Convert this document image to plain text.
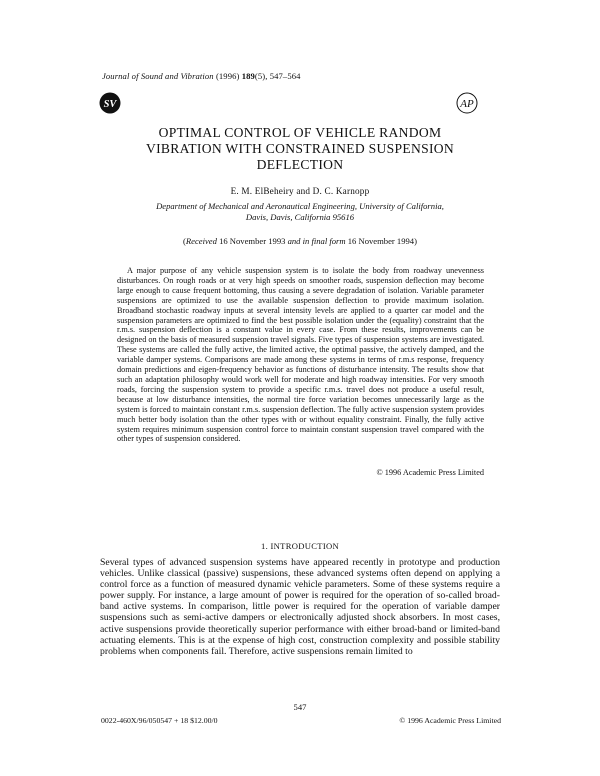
Journal of Sound and Vibration (1996) 189(5), 547–564
SV	AP
OPTIMAL CONTROL OF VEHICLE RANDOM
VIBRATION WITH CONSTRAINED SUSPENSION
DEFLECTION
E. M. ElBeheiry and D. C. Karnopp
Department of Mechanical and Aeronautical Engineering, University of California,
Davis, Davis, California 95616
(Received 16 November 1993 and in final form 16 November 1994)

A major purpose of any vehicle suspension system is to isolate the body from roadway unevenness disturbances. On rough roads or at very high speeds on smoother roads, suspension deflection may become large enough to cause frequent bottoming, thus causing a severe degradation of isolation. Variable parameter suspensions are optimized to use the available suspension deflection to provide maximum isolation. Broadband stochastic roadway inputs at several intensity levels are applied to a quarter car model and the suspension parameters are optimized to find the best possible isolation under the (equality) constraint that the r.m.s. suspension deflection is a constant value in every case. From these results, improvements can be designed on the basis of measured suspension travel signals. Five types of suspension systems are investigated. These systems are called the fully active, the limited active, the optimal passive, the actively damped, and the variable damper systems. Comparisons are made among these systems in terms of r.m.s response, frequency domain predictions and eigen-frequency behavior as functions of disturbance intensity. The results show that such an adaptation philosophy would work well for moderate and high roadway intensities. For very smooth roads, forcing the suspension system to provide a specific r.m.s. travel does not produce a useful result, because at low disturbance intensities, the normal tire force variation becomes unnecessarily large as the system is forced to maintain constant r.m.s. suspension deflection. The fully active suspension system provides much better body isolation than the other types with or without equality constraint. Finally, the fully active system requires minimum suspension control force to maintain constant suspension travel compared with the other types of suspension considered.

© 1996 Academic Press Limited
1. INTRODUCTION

Several types of advanced suspension systems have appeared recently in prototype and production vehicles. Unlike classical (passive) suspensions, these advanced systems often depend on applying a control force as a function of measured dynamic vehicle parameters. Some of these systems require a power supply. For instance, a large amount of power is required for the operation of so-called broad-band active systems. In comparison, little power is required for the operation of variable damper suspensions such as semi-active dampers or electronically adjusted shock absorbers. In most cases, active suspensions provide theoretically superior performance with either broad-band or limited-band actuating elements. This is at the expense of high cost, construction complexity and possible stability problems when components fail. Therefore, active suspensions remain limited to

547
0022-460X/96/050547 + 18 $12.00/0	© 1996 Academic Press Limited
